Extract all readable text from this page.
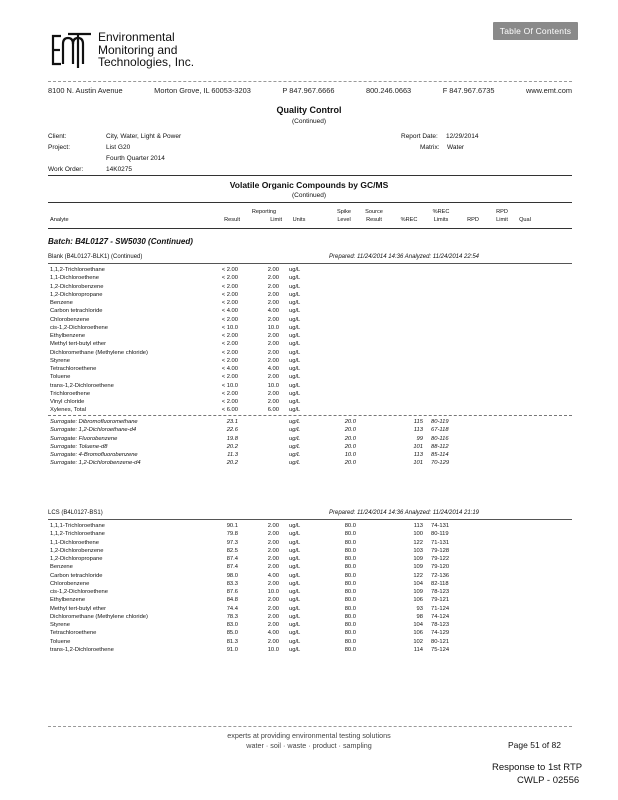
Table Of Contents
Environmental
Monitoring and
Technologies, Inc.
8100 N. Austin Avenue	Morton Grove, IL 60053-3203	P 847.967.6666	800.246.0663	F 847.967.6735	www.emt.com
Quality Control
(Continued)
Client:	City, Water, Light & Power
Project:	List G20
Fourth Quarter 2014
Work Order:	14K0275
Report Date: 12/29/2014
Matrix: Water
Volatile Organic Compounds by GC/MS
(Continued)
Analyte	Result
Reporting
Limit	Units
Spike
Level
Source
Result	%REC
%REC
Limits	RPD
RPD
Limit	Qual
Batch: B4L0127 - SW5030 (Continued)
Blank (B4L0127-BLK1) (Continued)	Prepared: 11/24/2014 14:36 Analyzed: 11/24/2014 22:54
1,1,2-Trichloroethane	< 2.00	2.00 ug/L
1,1-Dichloroethene	< 2.00	2.00 ug/L
1,2-Dichlorobenzene	< 2.00	2.00 ug/L
1,2-Dichloropropane	< 2.00	2.00 ug/L
Benzene	< 2.00	2.00 ug/L
Carbon tetrachloride	< 4.00	4.00 ug/L
Chlorobenzene	< 2.00	2.00 ug/L
cis-1,2-Dichloroethene	< 10.0	10.0 ug/L
Ethylbenzene	< 2.00	2.00 ug/L
Methyl tert-butyl ether	< 2.00	2.00 ug/L
Dichloromethane (Methylene chloride)	< 2.00	2.00 ug/L
Styrene	< 2.00	2.00 ug/L
Tetrachloroethene	< 4.00	4.00 ug/L
Toluene	< 2.00	2.00 ug/L
trans-1,2-Dichloroethene	< 10.0	10.0 ug/L
Trichloroethene	< 2.00	2.00 ug/L
Vinyl chloride	< 2.00	2.00 ug/L
Xylenes, Total	< 6.00	6.00 ug/L
Surrogate: Dibromofluoromethane	23.1	ug/L	20.0	115 80-119
Surrogate: 1,2-Dichloroethane-d4	22.6	ug/L	20.0	113 67-118
Surrogate: Fluorobenzene	19.8	ug/L	20.0	99 80-116
Surrogate: Toluene-d8	20.2	ug/L	20.0	101 88-112
Surrogate: 4-Bromofluorobenzene	11.3	ug/L	10.0	113 85-114
Surrogate: 1,2-Dichlorobenzene-d4	20.2	ug/L	20.0	101 70-129
LCS (B4L0127-BS1)	Prepared: 11/24/2014 14:36 Analyzed: 11/24/2014 21:19
1,1,1-Trichloroethane	90.1	2.00 ug/L	80.0	113 74-131
1,1,2-Trichloroethane	79.8	2.00 ug/L	80.0	100 80-119
1,1-Dichloroethene	97.3	2.00 ug/L	80.0	122 71-131
1,2-Dichlorobenzene	82.5	2.00 ug/L	80.0	103 79-128
1,2-Dichloropropane	87.4	2.00 ug/L	80.0	109 79-122
Benzene	87.4	2.00 ug/L	80.0	109 79-120
Carbon tetrachloride	98.0	4.00 ug/L	80.0	122 72-136
Chlorobenzene	83.3	2.00 ug/L	80.0	104 82-118
cis-1,2-Dichloroethene	87.6	10.0 ug/L	80.0	109 78-123
Ethylbenzene	84.8	2.00 ug/L	80.0	106 79-121
Methyl tert-butyl ether	74.4	2.00 ug/L	80.0	93 71-124
Dichloromethane (Methylene chloride)	78.3	2.00 ug/L	80.0	98 74-124
Styrene	83.0	2.00 ug/L	80.0	104 78-123
Tetrachloroethene	85.0	4.00 ug/L	80.0	106 74-129
Toluene	81.3	2.00 ug/L	80.0	102 80-121
trans-1,2-Dichloroethene	91.0	10.0 ug/L	80.0	114 75-124
experts at providing environmental testing solutions
water · soil · waste · product · sampling	Page 51 of 82
Response to 1st RTP
CWLP - 02556
